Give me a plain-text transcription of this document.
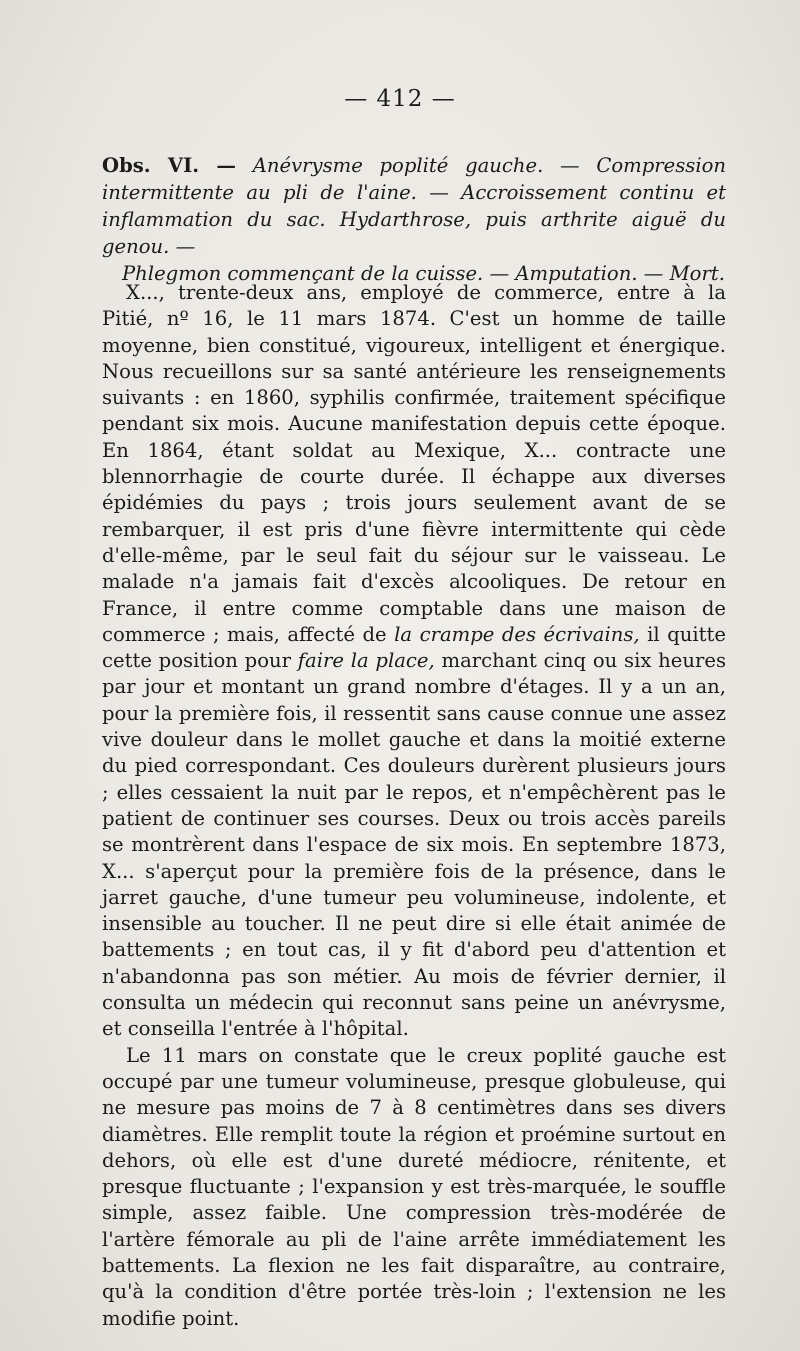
— 412 —
Obs. VI. — Anévrysme poplité gauche. — Compression intermittente au pli de l'aine. — Accroissement continu et inflammation du sac. Hydarthrose, puis arthrite aiguë du genou. —
Phlegmon commençant de la cuisse. — Amputation. — Mort.

X..., trente-deux ans, employé de commerce, entre à la Pitié, nº 16, le 11 mars 1874. C'est un homme de taille moyenne, bien constitué, vigoureux, intelligent et énergique. Nous recueillons sur sa santé antérieure les renseignements suivants : en 1860, syphilis confirmée, traitement spécifique pendant six mois. Aucune manifestation depuis cette époque. En 1864, étant soldat au Mexique, X... contracte une blennorrhagie de courte durée. Il échappe aux diverses épidémies du pays ; trois jours seulement avant de se rembarquer, il est pris d'une fièvre intermittente qui cède d'elle-même, par le seul fait du séjour sur le vaisseau. Le malade n'a jamais fait d'excès alcooliques. De retour en France, il entre comme comptable dans une maison de commerce ; mais, affecté de la crampe des écrivains, il quitte cette position pour faire la place, marchant cinq ou six heures par jour et montant un grand nombre d'étages. Il y a un an, pour la première fois, il ressentit sans cause connue une assez vive douleur dans le mollet gauche et dans la moitié externe du pied correspondant. Ces douleurs durèrent plusieurs jours ; elles cessaient la nuit par le repos, et n'empêchèrent pas le patient de continuer ses courses. Deux ou trois accès pareils se montrèrent dans l'espace de six mois. En septembre 1873, X... s'aperçut pour la première fois de la présence, dans le jarret gauche, d'une tumeur peu volumineuse, indolente, et insensible au toucher. Il ne peut dire si elle était animée de battements ; en tout cas, il y fit d'abord peu d'attention et n'abandonna pas son métier. Au mois de février dernier, il consulta un médecin qui reconnut sans peine un anévrysme, et conseilla l'entrée à l'hôpital.

Le 11 mars on constate que le creux poplité gauche est occupé par une tumeur volumineuse, presque globuleuse, qui ne mesure pas moins de 7 à 8 centimètres dans ses divers diamètres. Elle remplit toute la région et proémine surtout en dehors, où elle est d'une dureté médiocre, rénitente, et presque fluctuante ; l'expansion y est très-marquée, le souffle simple, assez faible. Une compression très-modérée de l'artère fémorale au pli de l'aine arrête immédiatement les battements. La flexion ne les fait disparaître, au contraire, qu'à la condition d'être portée très-loin ; l'extension ne les modifie point.
